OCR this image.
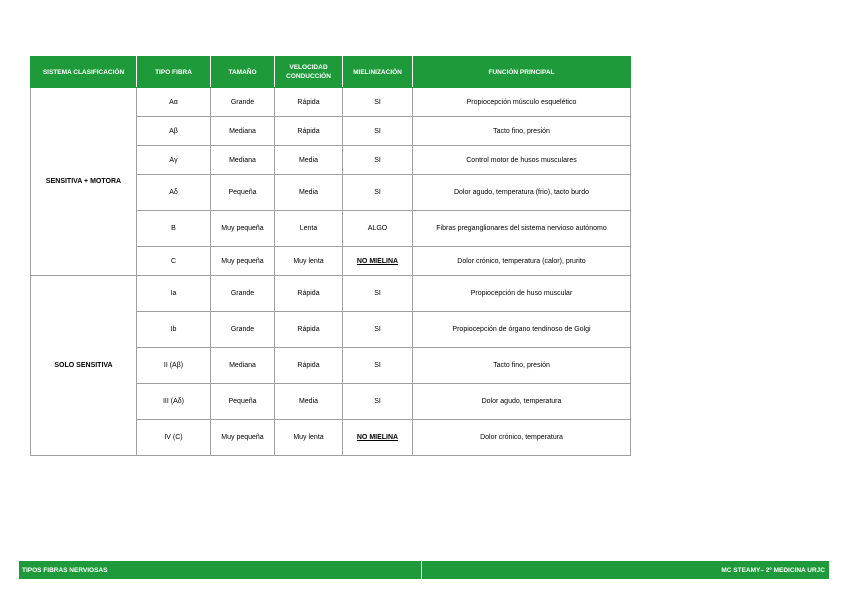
SISTEMA CLASIFICACIÓN	TIPO FIBRA	TAMAÑO	VELOCIDAD CONDUCCIÓN	MIELINIZACIÓN	FUNCIÓN PRINCIPAL
SENSITIVA + MOTORA	Aα	Grande	Rápida	SI	Propiocepción músculo esquelético
	Aβ	Mediana	Rápida	SI	Tacto fino, presión
	Aγ	Mediana	Media	SI	Control motor de husos musculares
	Aδ	Pequeña	Media	SI	Dolor agudo, temperatura (frio), tacto burdo
	B	Muy pequeña	Lenta	ALGO	Fibras preganglionares del sistema nervioso autónomo
	C	Muy pequeña	Muy lenta	NO MIELINA	Dolor crónico, temperatura (calor), prurito
SOLO SENSITIVA	Ia	Grande	Rápida	SI	Propiocepción de huso muscular
	Ib	Grande	Rápida	SI	Propiocepción de órgano tendinoso de Golgi
	II (Aβ)	Mediana	Rápida	SI	Tacto fino, presión
	III (Aδ)	Pequeña	Media	SI	Dolor agudo, temperatura
	IV (C)	Muy pequeña	Muy lenta	NO MIELINA	Dolor crónico, temperatura
TIPOS FIBRAS NERVIOSAS	MC STEAMY– 2º MEDICINA URJC
